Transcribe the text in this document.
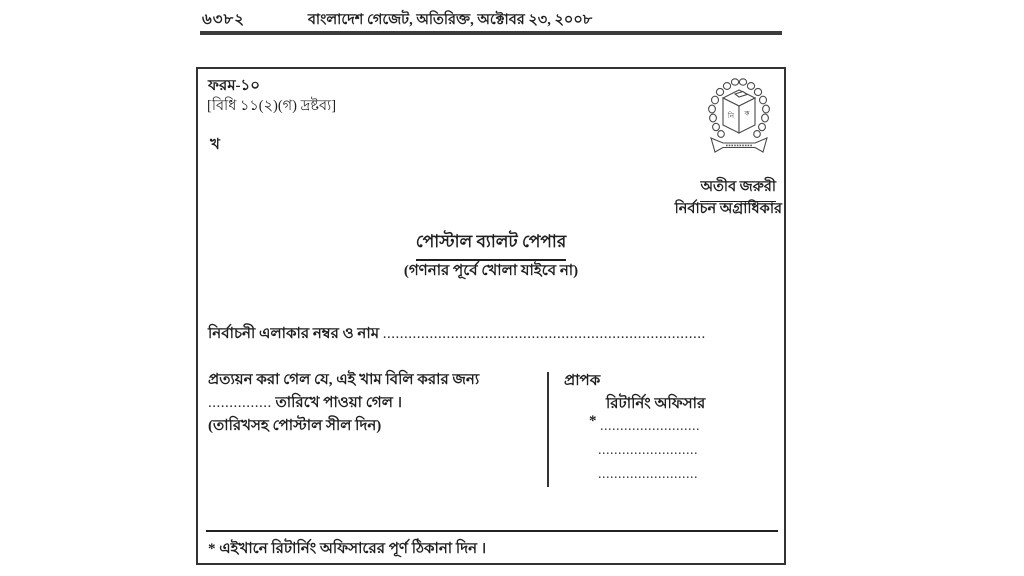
৬৩৮২	বাংলাদেশ গেজেট, অতিরিক্ত, অক্টোবর ২৩, ২০০৮
ফরম-১০
[বিধি ১১(২)(গ) দ্রষ্টব্য]
খ
নি ক
অতীব জরুরী
নির্বাচন অগ্রাধিকার
পোস্টাল ব্যালট পেপার
(গণনার পূর্বে খোলা যাইবে না)
নির্বাচনী এলাকার নম্বর ও নাম ............................................................................
প্রত্যয়ন করা গেল যে, এই খাম বিলি করার জন্য
............... তারিখে পাওয়া গেল ।
(তারিখসহ পোস্টাল সীল দিন)
প্রাপক
রিটার্নিং অফিসার
* .........................
.........................
.........................
* এইখানে রিটার্নিং অফিসারের পূর্ণ ঠিকানা দিন ।
